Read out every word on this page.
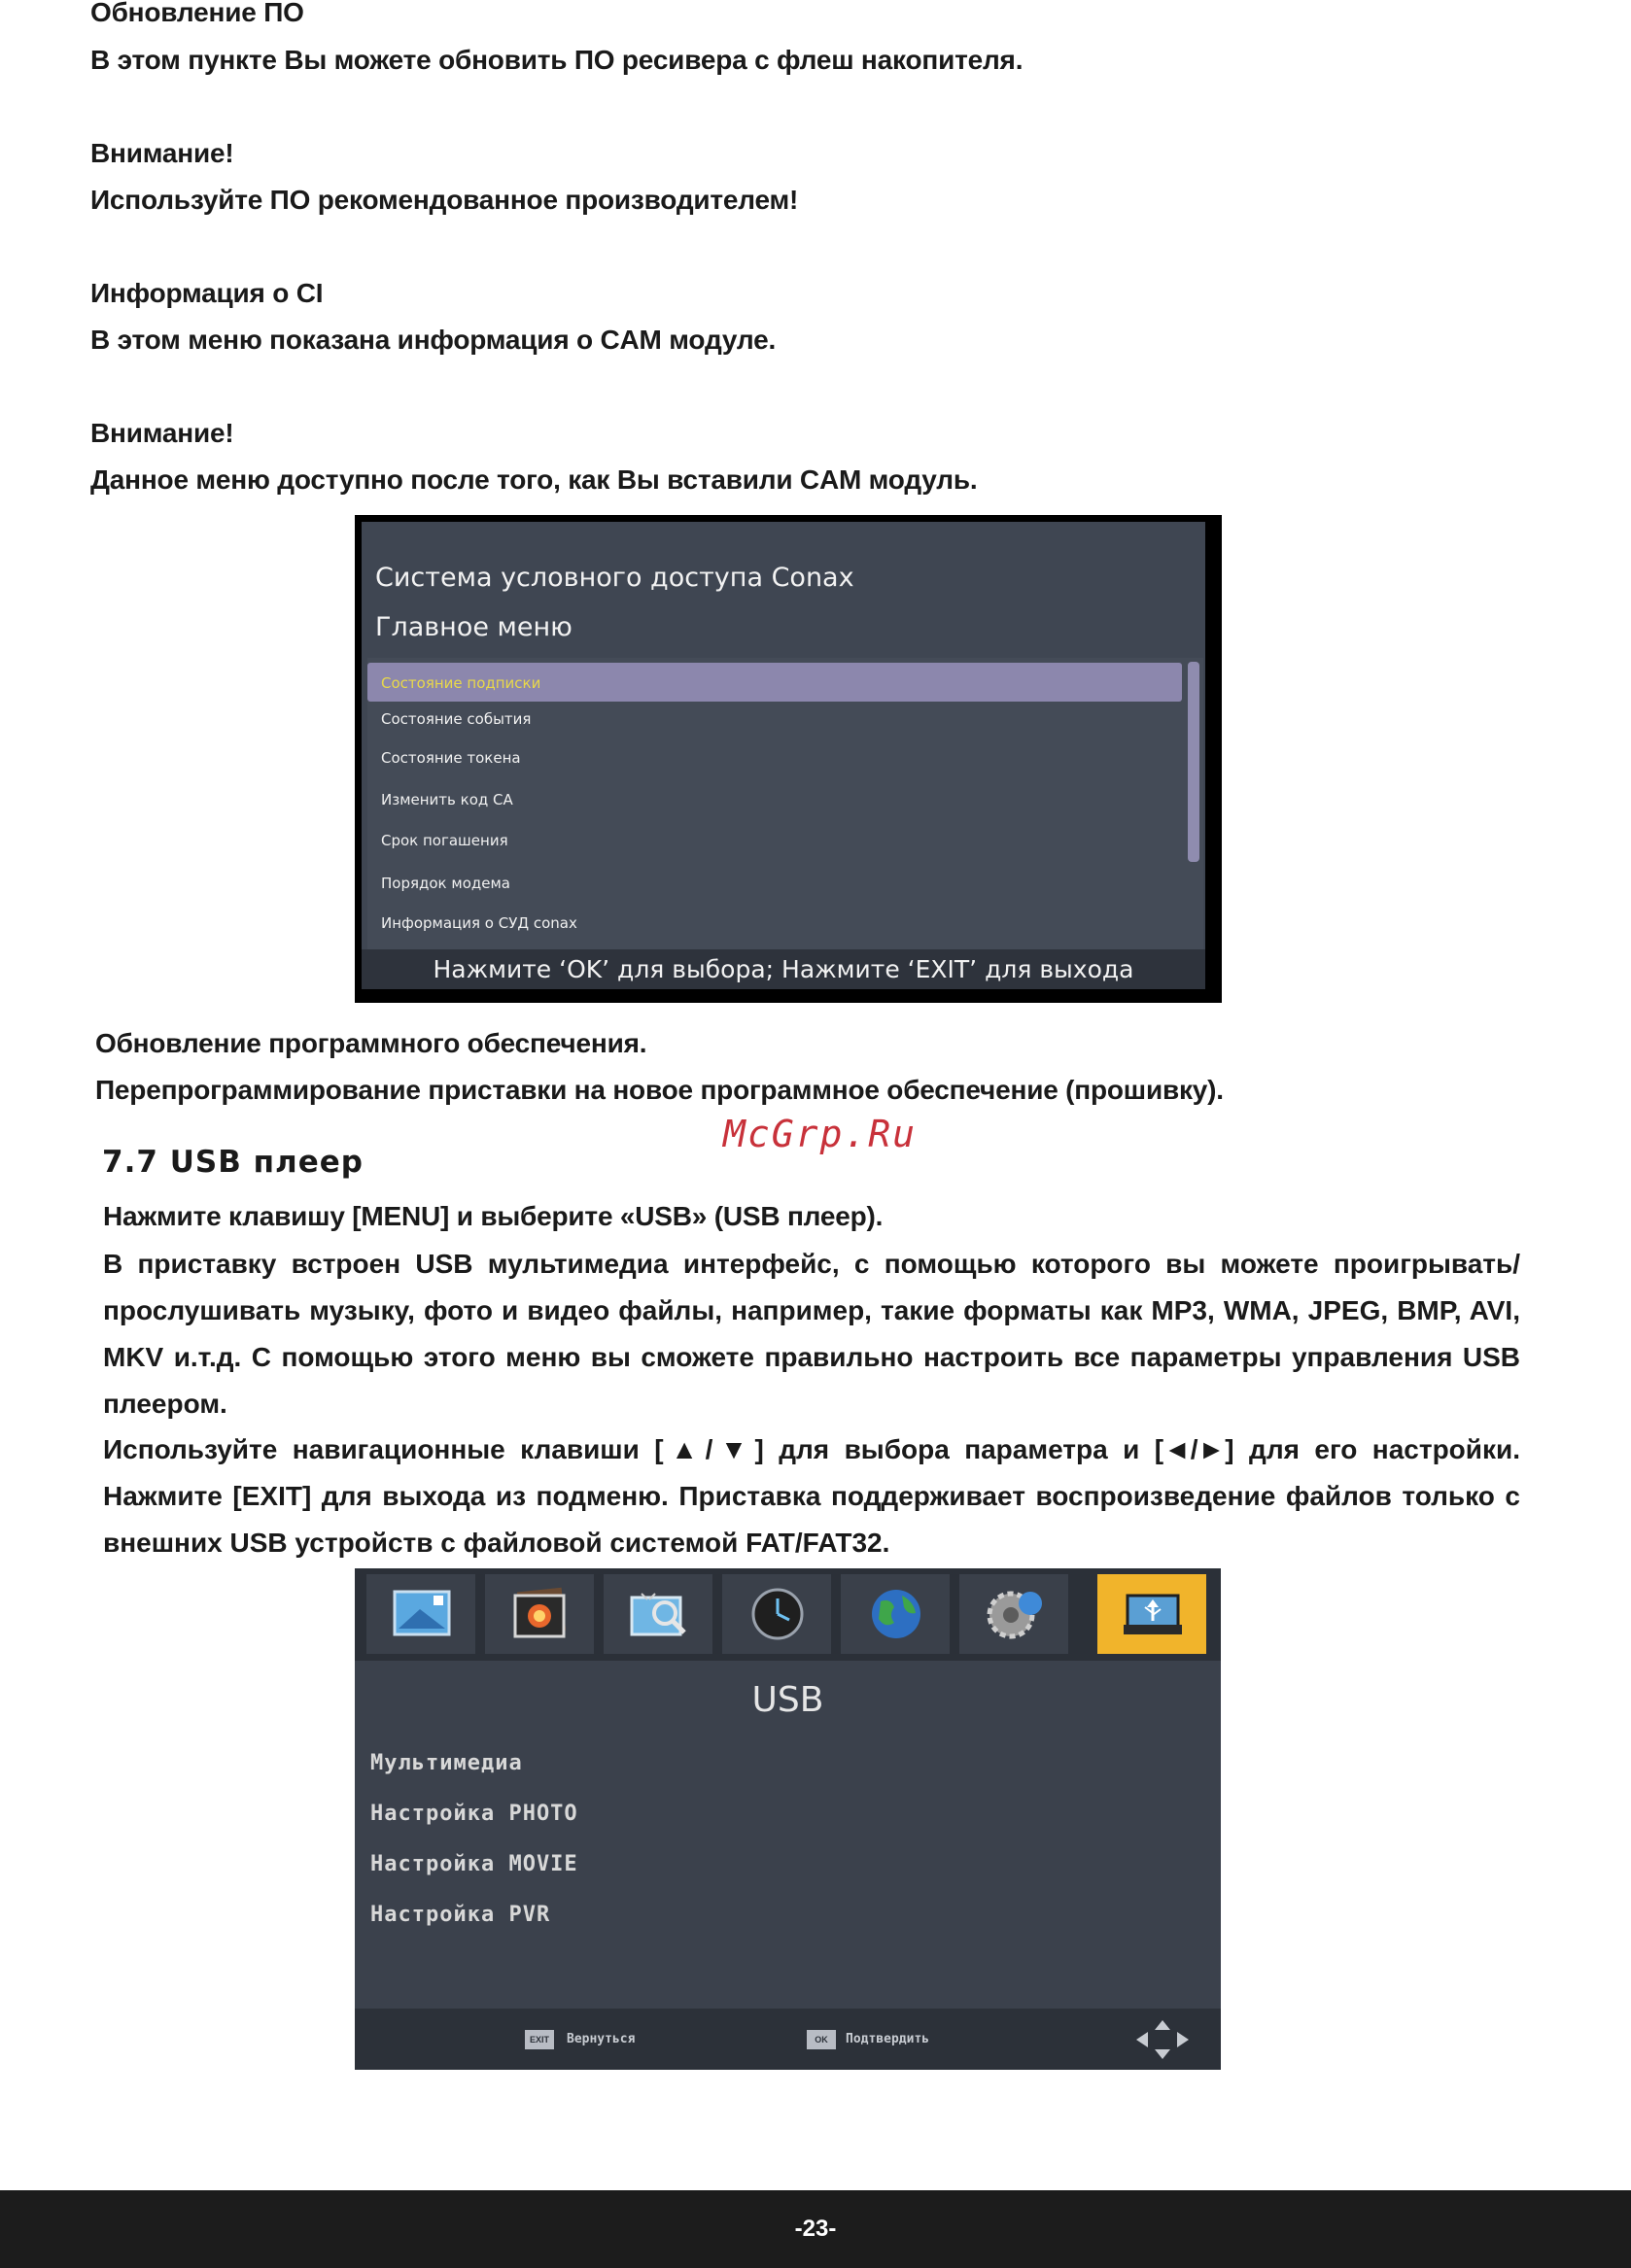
Обновление ПО
В этом пункте Вы можете обновить ПО ресивера с флеш накопителя.
Внимание!
Используйте ПО рекомендованное производителем!
Информация о CI
В этом меню показана информация о CAM модуле.
Внимание!
Данное меню доступно после того, как Вы вставили CAM модуль.
Система условного доступа Conax
Главное меню
Состояние подписки
Состояние события
Состояние токена
Изменить код CA
Срок погашения
Порядок модема
Информация о СУД conax
Нажмите ‘OK’ для выбора; Нажмите ‘EXIT’ для выхода
Обновление программного обеспечения.
Перепрограммирование приставки на новое программное обеспечение (прошивку).
McGrp.Ru
7.7 USB плеер
Нажмите клавишу [MENU] и выберите «USB» (USB плеер).
В приставку встроен USB мультимедиа интерфейс, с помощью которого вы можете проигрывать/прослушивать музыку, фото и видео файлы, например, такие форматы как MP3, WMA, JPEG, BMP, AVI, MKV и.т.д. С помощью этого меню вы сможете правильно настроить все параметры управления USB плеером.
Используйте навигационные клавиши [▲/▼] для выбора параметра и [◄/►] для его настройки. Нажмите [EXIT] для выхода из подменю. Приставка поддерживает воспроизведение файлов только с внешних USB устройств с файловой системой FAT/FAT32.
USB
Мультимедиа
Настройка PHOTO
Настройка MOVIE
Настройка PVR
EXIT	Вернуться	OK	Подтвердить
-23-
